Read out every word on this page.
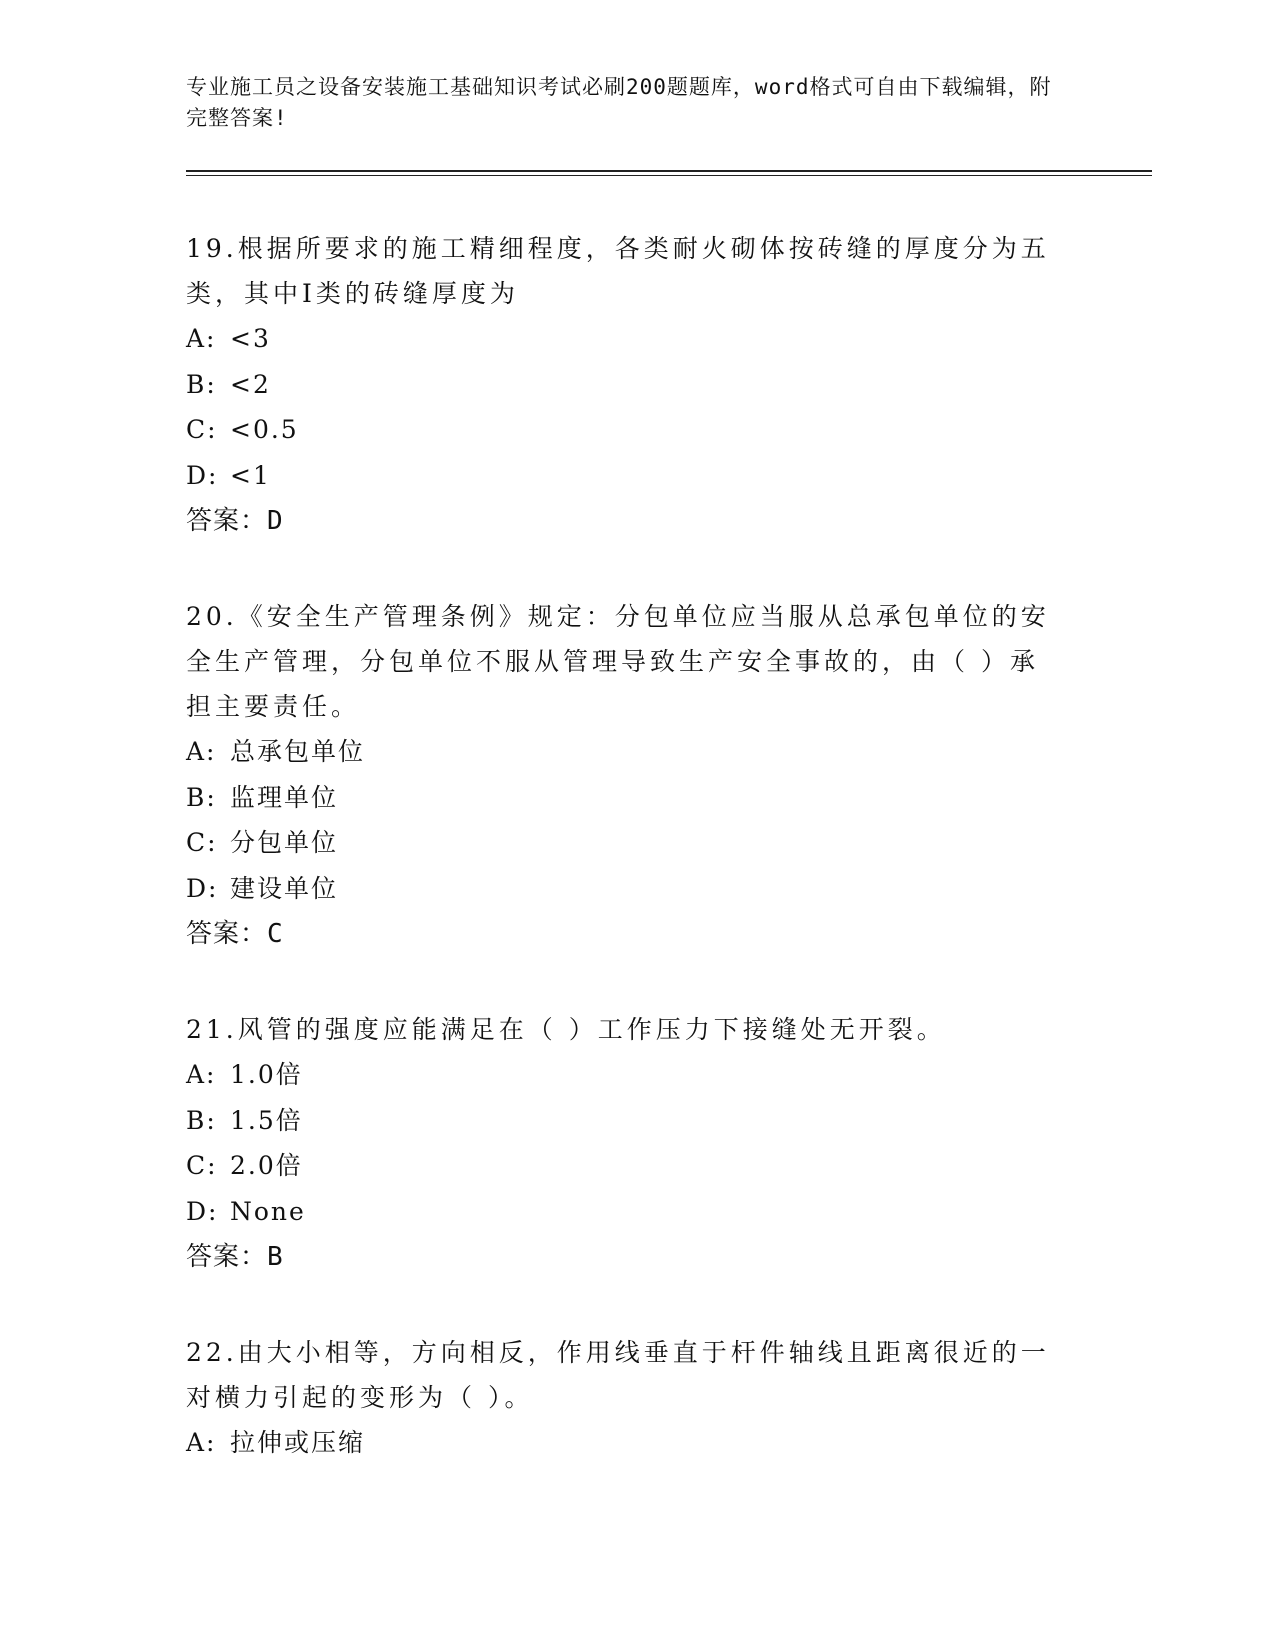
专业施工员之设备安装施工基础知识考试必刷200题题库，word格式可自由下载编辑，附完整答案!

19.根据所要求的施工精细程度，各类耐火砌体按砖缝的厚度分为五类，其中Ⅰ类的砖缝厚度为

A: <3

B: <2

C: <0.5

D: <1

答案：D

20.《安全生产管理条例》规定：分包单位应当服从总承包单位的安全生产管理，分包单位不服从管理导致生产安全事故的，由（ ）承担主要责任。

A: 总承包单位

B: 监理单位

C: 分包单位

D: 建设单位

答案：C

21.风管的强度应能满足在（ ）工作压力下接缝处无开裂。

A: 1.0倍

B: 1.5倍

C: 2.0倍

D: None

答案：B

22.由大小相等，方向相反，作用线垂直于杆件轴线且距离很近的一对横力引起的变形为（ ）。

A: 拉伸或压缩
